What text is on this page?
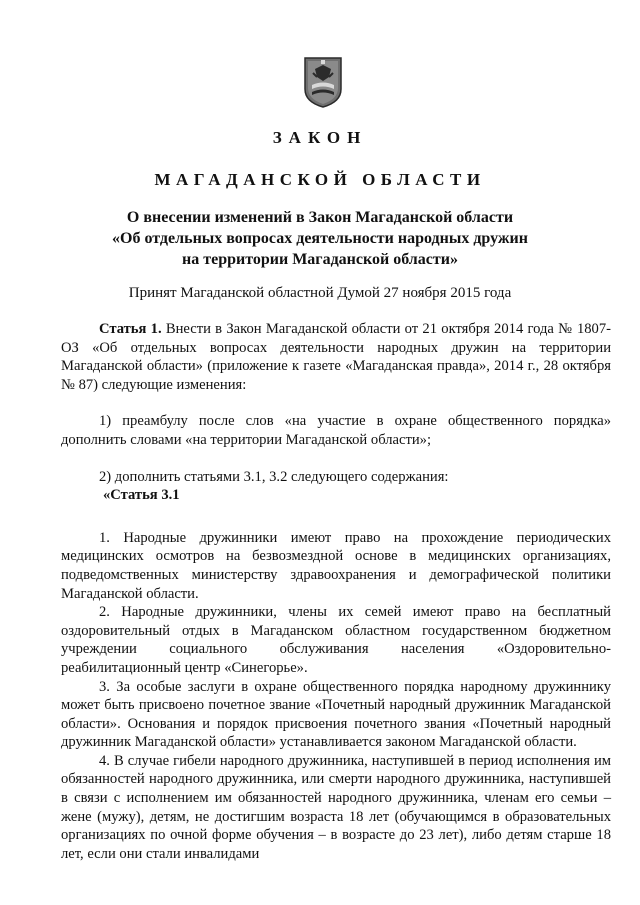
ЗАКОН
МАГАДАНСКОЙ ОБЛАСТИ
О внесении изменений в Закон Магаданской области
«Об отдельных вопросах деятельности народных дружин
на территории Магаданской области»
Принят Магаданской областной Думой 27 ноября 2015 года

Статья 1. Внести в Закон Магаданской области от 21 октября 2014 года № 1807-ОЗ «Об отдельных вопросах деятельности народных дружин на территории Магаданской области» (приложение к газете «Магаданская правда», 2014 г., 28 октября № 87) следующие изменения:

1) преамбулу после слов «на участие в охране общественного порядка» дополнить словами «на территории Магаданской области»;

2) дополнить статьями 3.1, 3.2 следующего содержания:

«Статья 3.1

1. Народные дружинники имеют право на прохождение периодических медицинских осмотров на безвозмездной основе в медицинских организациях, подведомственных министерству здравоохранения и демографической политики Магаданской области.

2. Народные дружинники, члены их семей имеют право на бесплатный оздоровительный отдых в Магаданском областном государственном бюджетном учреждении социального обслуживания населения «Оздоровительно-реабилитационный центр «Синегорье».

3. За особые заслуги в охране общественного порядка народному дружиннику может быть присвоено почетное звание «Почетный народный дружинник Магаданской области». Основания и порядок присвоения почетного звания «Почетный народный дружинник Магаданской области» устанавливается законом Магаданской области.

4. В случае гибели народного дружинника, наступившей в период исполнения им обязанностей народного дружинника, или смерти народного дружинника, наступившей в связи с исполнением им обязанностей народного дружинника, членам его семьи – жене (мужу), детям, не достигшим возраста 18 лет (обучающимся в образовательных организациях по очной форме обучения – в возрасте до 23 лет), либо детям старше 18 лет, если они стали инвалидами
